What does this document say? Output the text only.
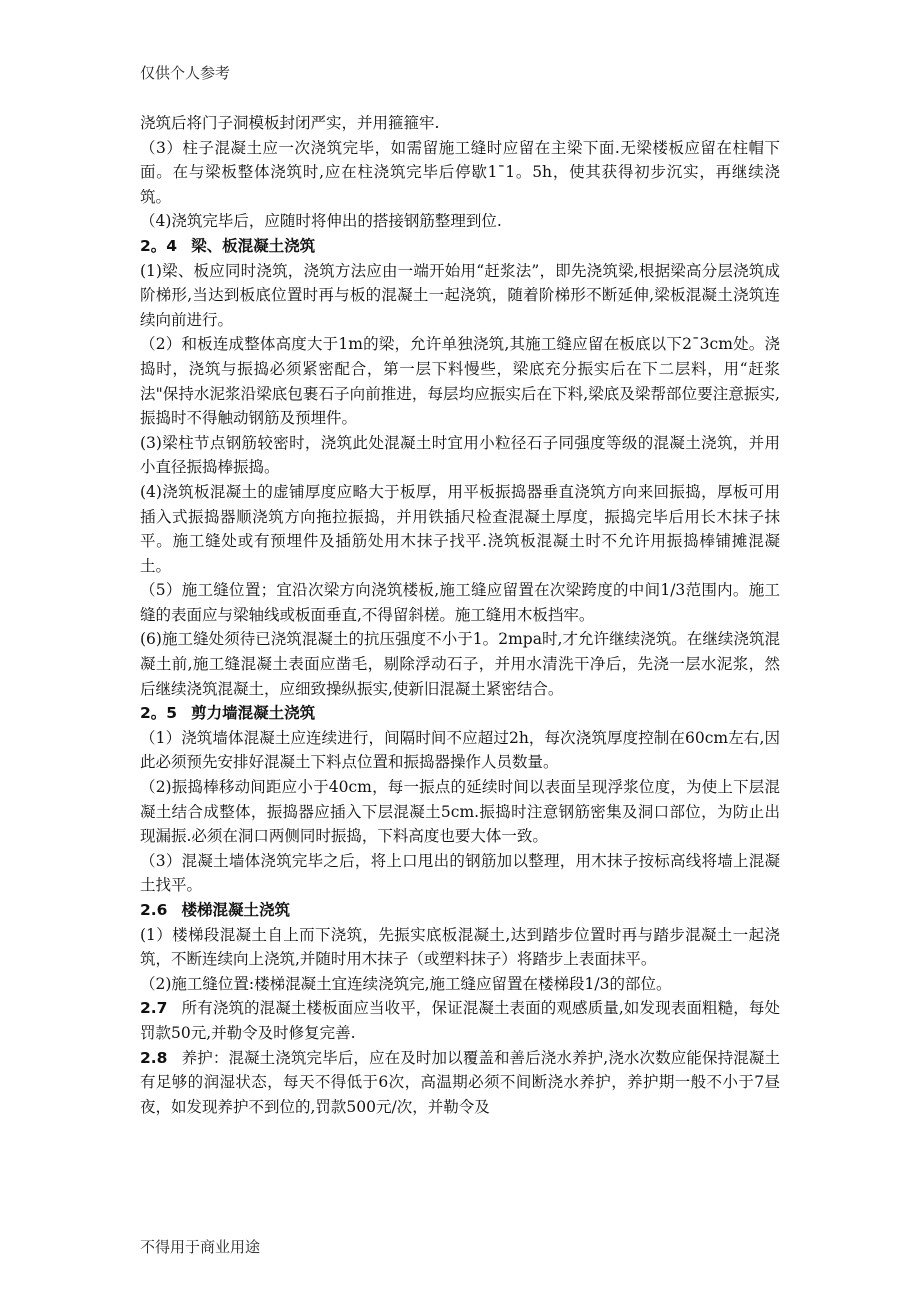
仅供个人参考

浇筑后将门子洞模板封闭严实，并用箍箍牢.

（3）柱子混凝土应一次浇筑完毕，如需留施工缝时应留在主梁下面.无梁楼板应留在柱帽下面。在与梁板整体浇筑时,应在柱浇筑完毕后停歇1¯1。5h，使其获得初步沉实，再继续浇筑。

（4)浇筑完毕后，应随时将伸出的搭接钢筋整理到位.

2。4 梁、板混凝土浇筑

(1)梁、板应同时浇筑，浇筑方法应由一端开始用“赶浆法”，即先浇筑梁,根据梁高分层浇筑成阶梯形,当达到板底位置时再与板的混凝土一起浇筑，随着阶梯形不断延伸,梁板混凝土浇筑连续向前进行。

（2）和板连成整体高度大于1m的梁，允许单独浇筑,其施工缝应留在板底以下2¯3cm处。浇捣时，浇筑与振捣必须紧密配合，第一层下料慢些，梁底充分振实后在下二层料，用“赶浆法"保持水泥浆沿梁底包裹石子向前推进，每层均应振实后在下料,梁底及梁帮部位要注意振实,振捣时不得触动钢筋及预埋件。

(3)梁柱节点钢筋较密时，浇筑此处混凝土时宜用小粒径石子同强度等级的混凝土浇筑，并用小直径振捣棒振捣。

(4)浇筑板混凝土的虚铺厚度应略大于板厚，用平板振捣器垂直浇筑方向来回振捣，厚板可用插入式振捣器顺浇筑方向拖拉振捣，并用铁插尺检查混凝土厚度，振捣完毕后用长木抹子抹平。施工缝处或有预埋件及插筋处用木抹子找平.浇筑板混凝土时不允许用振捣棒铺摊混凝土。

（5）施工缝位置；宜沿次梁方向浇筑楼板,施工缝应留置在次梁跨度的中间1/3范围内。施工缝的表面应与梁轴线或板面垂直,不得留斜槎。施工缝用木板挡牢。

(6)施工缝处须待已浇筑混凝土的抗压强度不小于1。2mpa时,才允许继续浇筑。在继续浇筑混凝土前,施工缝混凝土表面应凿毛，剔除浮动石子，并用水清洗干净后，先浇一层水泥浆，然后继续浇筑混凝土，应细致操纵振实,使新旧混凝土紧密结合。

2。5 剪力墙混凝土浇筑

（1）浇筑墙体混凝土应连续进行，间隔时间不应超过2h，每次浇筑厚度控制在60cm左右,因此必须预先安排好混凝土下料点位置和振捣器操作人员数量。

（2)振捣棒移动间距应小于40cm，每一振点的延续时间以表面呈现浮浆位度，为使上下层混凝土结合成整体，振捣器应插入下层混凝土5cm.振捣时注意钢筋密集及洞口部位，为防止出现漏振.必须在洞口两侧同时振捣，下料高度也要大体一致。

（3）混凝土墙体浇筑完毕之后，将上口甩出的钢筋加以整理，用木抹子按标高线将墙上混凝土找平。

2.6 楼梯混凝土浇筑

(1）楼梯段混凝土自上而下浇筑，先振实底板混凝土,达到踏步位置时再与踏步混凝土一起浇筑，不断连续向上浇筑,并随时用木抹子（或塑料抹子）将踏步上表面抹平。

（2)施工缝位置:楼梯混凝土宜连续浇筑完,施工缝应留置在楼梯段1/3的部位。

2.7 所有浇筑的混凝土楼板面应当收平，保证混凝土表面的观感质量,如发现表面粗糙，每处罚款50元,并勒令及时修复完善.

2.8 养护：混凝土浇筑完毕后，应在及时加以覆盖和善后浇水养护,浇水次数应能保持混凝土有足够的润湿状态，每天不得低于6次，高温期必须不间断浇水养护，养护期一般不小于7昼夜，如发现养护不到位的,罚款500元/次，并勒令及

不得用于商业用途
